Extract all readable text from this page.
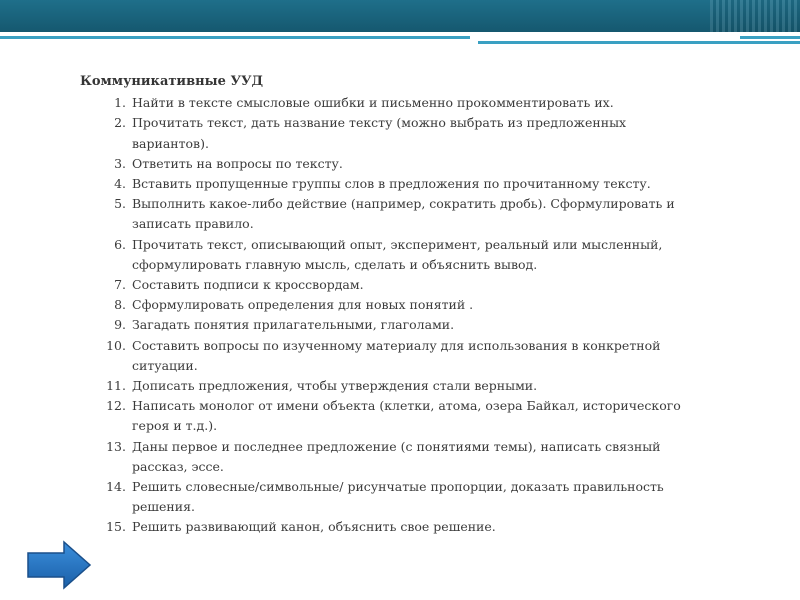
Коммуникативные УУД
1. Найти в тексте смысловые ошибки и письменно прокомментировать их.
2. Прочитать текст, дать название тексту (можно выбрать из предложенных вариантов).
3. Ответить на вопросы по тексту.
4. Вставить пропущенные группы слов в предложения по прочитанному тексту.
5. Выполнить какое-либо действие (например, сократить дробь). Сформулировать и записать правило.
6. Прочитать текст, описывающий опыт, эксперимент, реальный или мысленный, сформулировать главную мысль, сделать и объяснить вывод.
7. Составить подписи к кроссвордам.
8. Сформулировать определения для новых понятий .
9. Загадать понятия прилагательными, глаголами.
10. Составить вопросы по изученному материалу для использования в конкретной ситуации.
11. Дописать предложения, чтобы утверждения стали верными.
12. Написать монолог от имени объекта (клетки, атома, озера Байкал, исторического героя и т.д.).
13. Даны первое и последнее предложение (с понятиями темы), написать связный рассказ, эссе.
14. Решить словесные/символьные/ рисунчатые пропорции, доказать правильность решения.
15. Решить развивающий канон, объяснить свое решение.
